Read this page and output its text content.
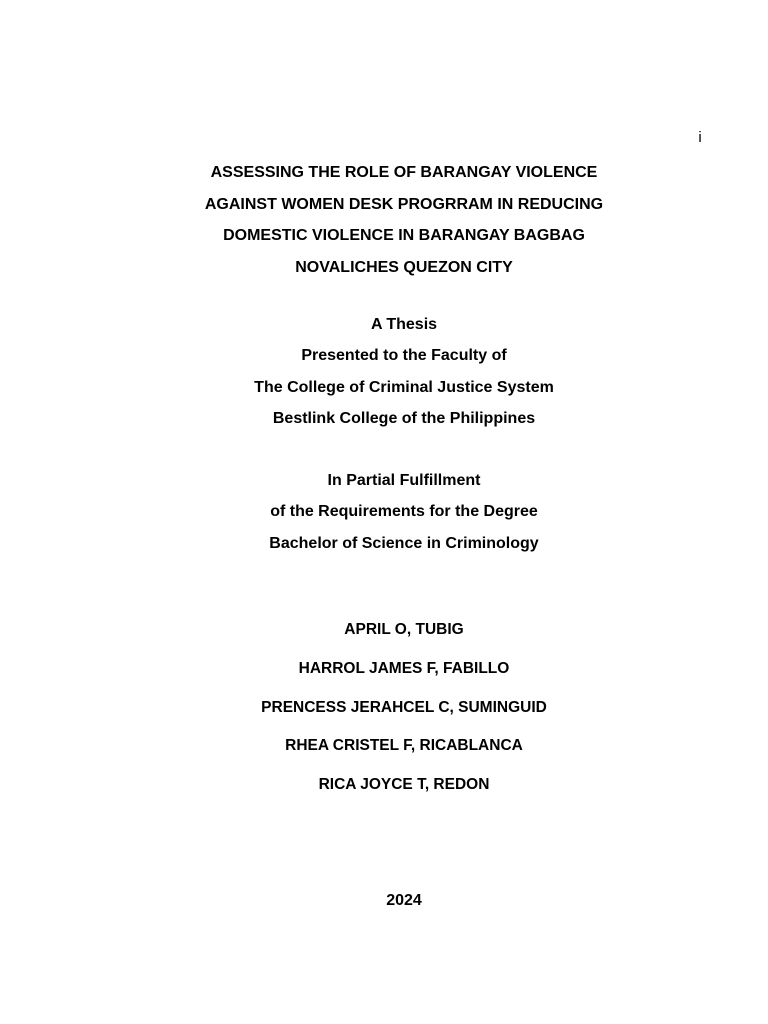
i
ASSESSING THE ROLE OF BARANGAY VIOLENCE
AGAINST WOMEN DESK PROGRRAM IN REDUCING
DOMESTIC VIOLENCE IN BARANGAY BAGBAG
NOVALICHES QUEZON CITY
A Thesis
Presented to the Faculty of
The College of Criminal Justice System
Bestlink College of the Philippines
In Partial Fulfillment
of the Requirements for the Degree
Bachelor of Science in Criminology
APRIL O, TUBIG
HARROL JAMES F, FABILLO
PRENCESS JERAHCEL C, SUMINGUID
RHEA CRISTEL F, RICABLANCA
RICA JOYCE T, REDON
2024
